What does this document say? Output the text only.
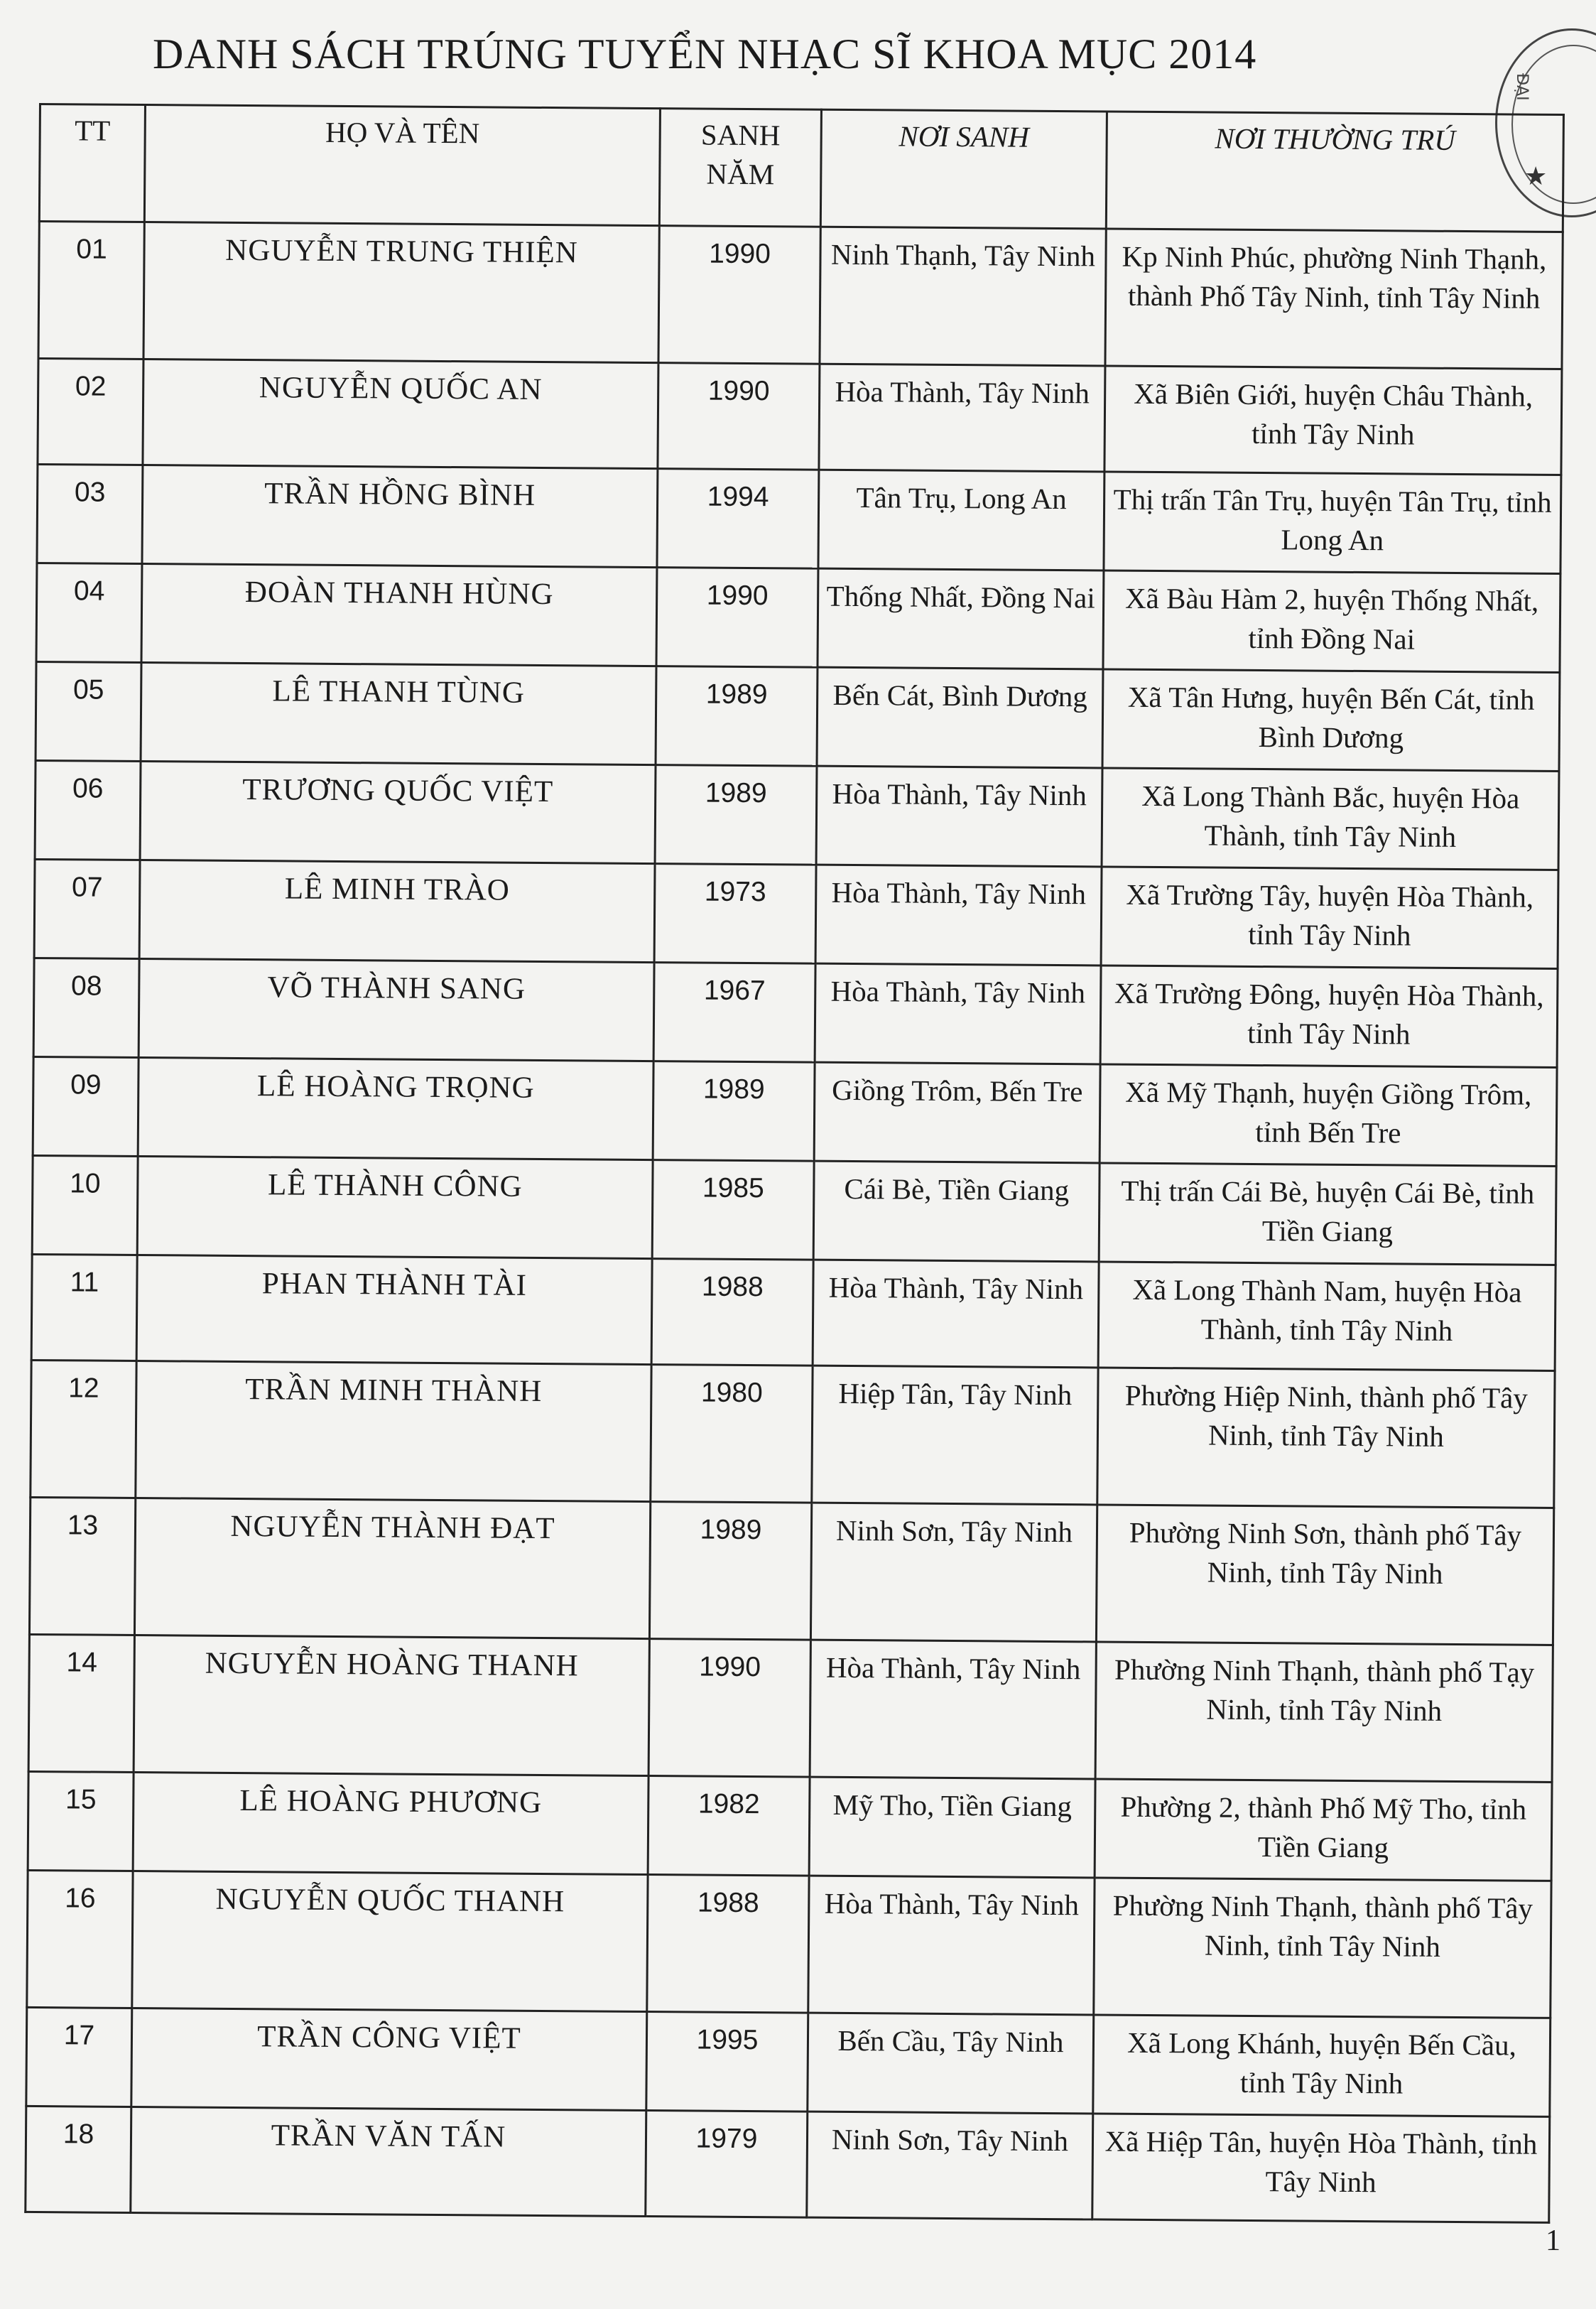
DANH SÁCH TRÚNG TUYỂN NHẠC SĨ KHOA MỤC 2014
ĐẠI
★
TT	HỌ VÀ TÊN	SANH NĂM	NƠI SANH	NƠI THƯỜNG TRÚ
01	NGUYỄN TRUNG THIỆN	1990	Ninh Thạnh, Tây Ninh	Kp Ninh Phúc, phường Ninh Thạnh, thành Phố Tây Ninh, tỉnh Tây Ninh
02	NGUYỄN QUỐC AN	1990	Hòa Thành, Tây Ninh	Xã Biên Giới, huyện Châu Thành, tỉnh Tây Ninh
03	TRẦN HỒNG BÌNH	1994	Tân Trụ, Long An	Thị trấn Tân Trụ, huyện Tân Trụ, tỉnh Long An
04	ĐOÀN THANH HÙNG	1990	Thống Nhất, Đồng Nai	Xã Bàu Hàm 2, huyện Thống Nhất, tỉnh Đồng Nai
05	LÊ THANH TÙNG	1989	Bến Cát, Bình Dương	Xã Tân Hưng, huyện Bến Cát, tỉnh Bình Dương
06	TRƯƠNG QUỐC VIỆT	1989	Hòa Thành, Tây Ninh	Xã Long Thành Bắc, huyện Hòa Thành, tỉnh Tây Ninh
07	LÊ MINH TRÀO	1973	Hòa Thành, Tây Ninh	Xã Trường Tây, huyện Hòa Thành, tỉnh Tây Ninh
08	VÕ THÀNH SANG	1967	Hòa Thành, Tây Ninh	Xã Trường Đông, huyện Hòa Thành, tỉnh Tây Ninh
09	LÊ HOÀNG TRỌNG	1989	Giồng Trôm, Bến Tre	Xã Mỹ Thạnh, huyện Giồng Trôm, tỉnh Bến Tre
10	LÊ THÀNH CÔNG	1985	Cái Bè, Tiền Giang	Thị trấn Cái Bè, huyện Cái Bè, tỉnh Tiền Giang
11	PHAN THÀNH TÀI	1988	Hòa Thành, Tây Ninh	Xã Long Thành Nam, huyện Hòa Thành, tỉnh Tây Ninh
12	TRẦN MINH THÀNH	1980	Hiệp Tân, Tây Ninh	Phường Hiệp Ninh, thành phố Tây Ninh, tỉnh Tây Ninh
13	NGUYỄN THÀNH ĐẠT	1989	Ninh Sơn, Tây Ninh	Phường Ninh Sơn, thành phố Tây Ninh, tỉnh Tây Ninh
14	NGUYỄN HOÀNG THANH	1990	Hòa Thành, Tây Ninh	Phường Ninh Thạnh, thành phố Tạy Ninh, tỉnh Tây Ninh
15	LÊ HOÀNG PHƯƠNG	1982	Mỹ Tho, Tiền Giang	Phường 2, thành Phố Mỹ Tho, tỉnh Tiền Giang
16	NGUYỄN QUỐC THANH	1988	Hòa Thành, Tây Ninh	Phường Ninh Thạnh, thành phố Tây Ninh, tỉnh Tây Ninh
17	TRẦN CÔNG VIỆT	1995	Bến Cầu, Tây Ninh	Xã Long Khánh, huyện Bến Cầu, tỉnh Tây Ninh
18	TRẦN VĂN TẤN	1979	Ninh Sơn, Tây Ninh	Xã Hiệp Tân, huyện Hòa Thành, tỉnh Tây Ninh
1
